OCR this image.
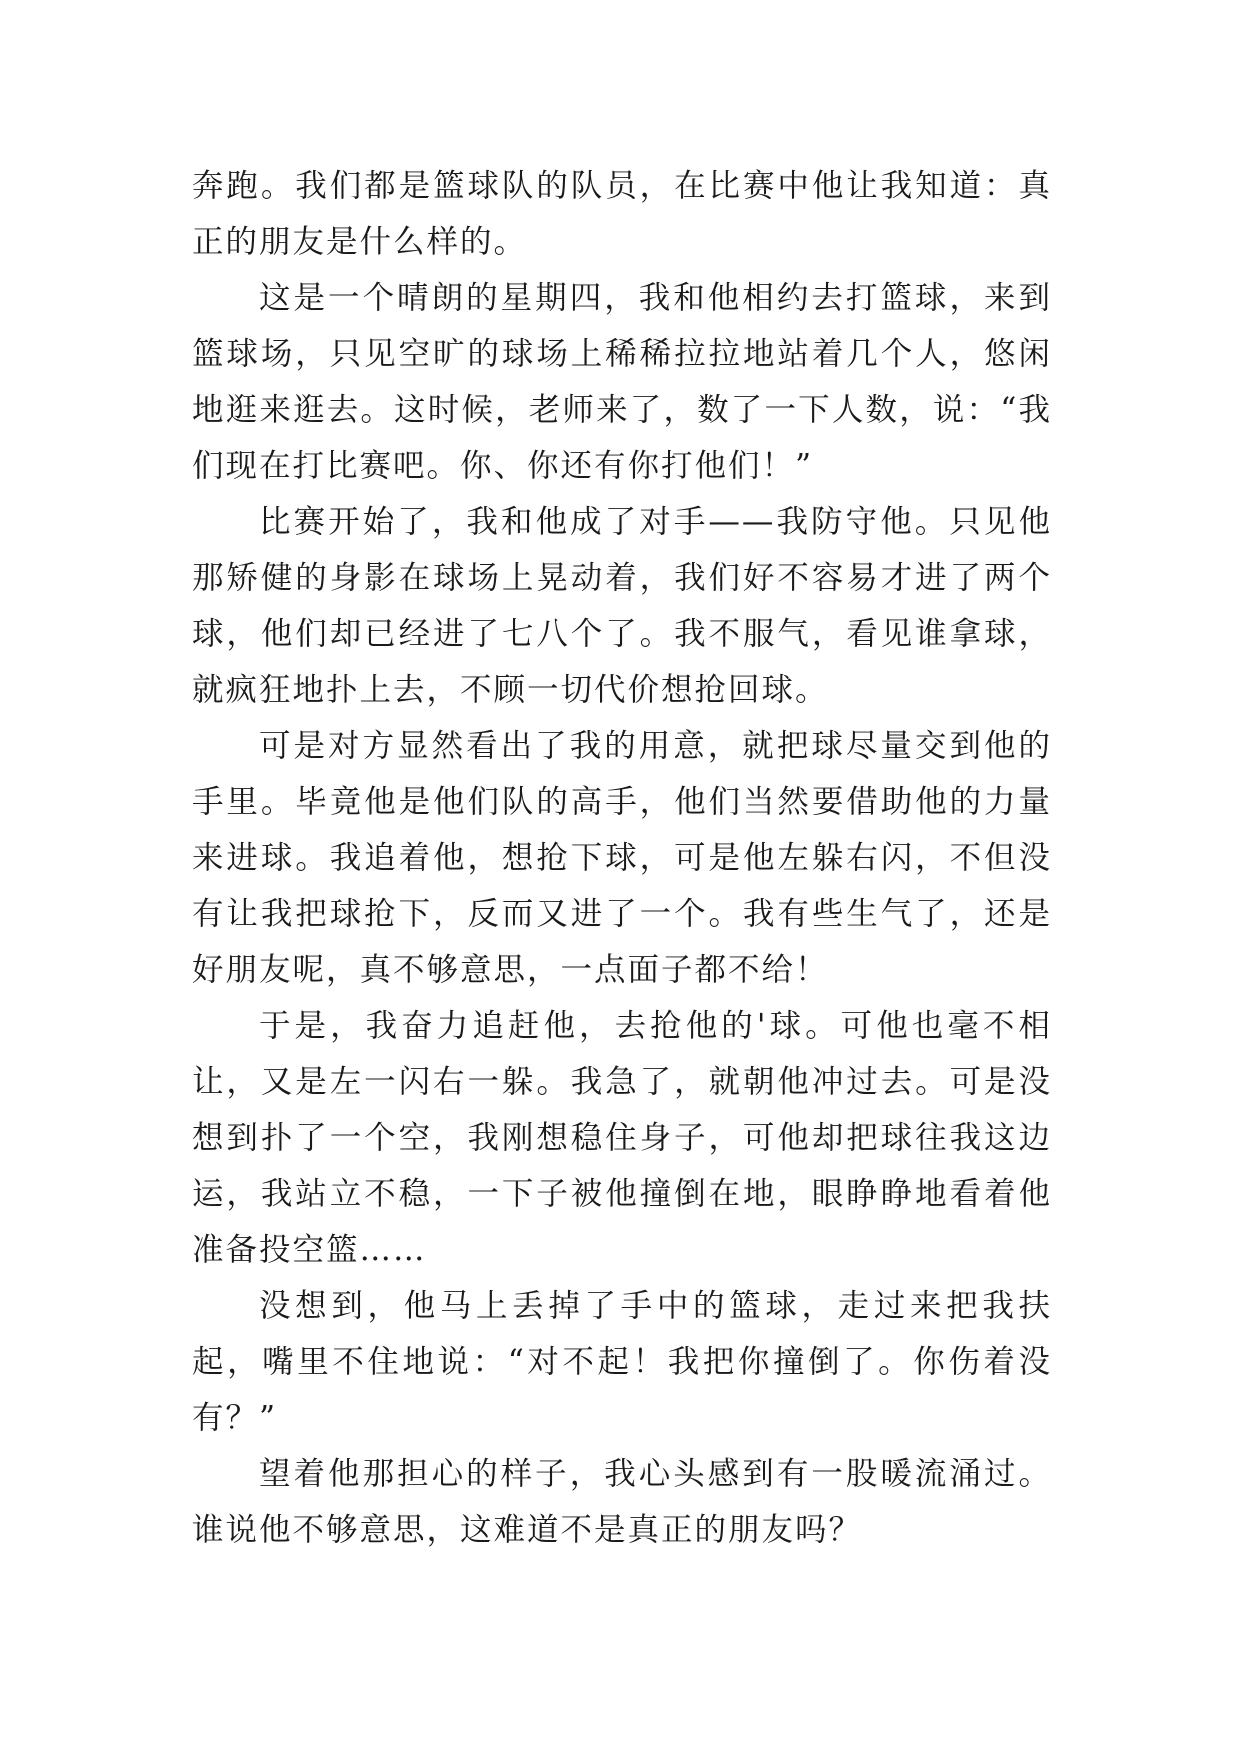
奔跑。我们都是篮球队的队员，在比赛中他让我知道：真正的朋友是什么样的。

这是一个晴朗的星期四，我和他相约去打篮球，来到篮球场，只见空旷的球场上稀稀拉拉地站着几个人，悠闲地逛来逛去。这时候，老师来了，数了一下人数，说：“我们现在打比赛吧。你、你还有你打他们！”

比赛开始了，我和他成了对手——我防守他。只见他那矫健的身影在球场上晃动着，我们好不容易才进了两个球，他们却已经进了七八个了。我不服气，看见谁拿球，就疯狂地扑上去，不顾一切代价想抢回球。

可是对方显然看出了我的用意，就把球尽量交到他的手里。毕竟他是他们队的高手，他们当然要借助他的力量来进球。我追着他，想抢下球，可是他左躲右闪，不但没有让我把球抢下，反而又进了一个。我有些生气了，还是好朋友呢，真不够意思，一点面子都不给！

于是，我奋力追赶他，去抢他的'球。可他也毫不相让，又是左一闪右一躲。我急了，就朝他冲过去。可是没想到扑了一个空，我刚想稳住身子，可他却把球往我这边运，我站立不稳，一下子被他撞倒在地，眼睁睁地看着他准备投空篮……

没想到，他马上丢掉了手中的篮球，走过来把我扶起，嘴里不住地说：“对不起！我把你撞倒了。你伤着没有？”

望着他那担心的样子，我心头感到有一股暖流涌过。谁说他不够意思，这难道不是真正的朋友吗？
